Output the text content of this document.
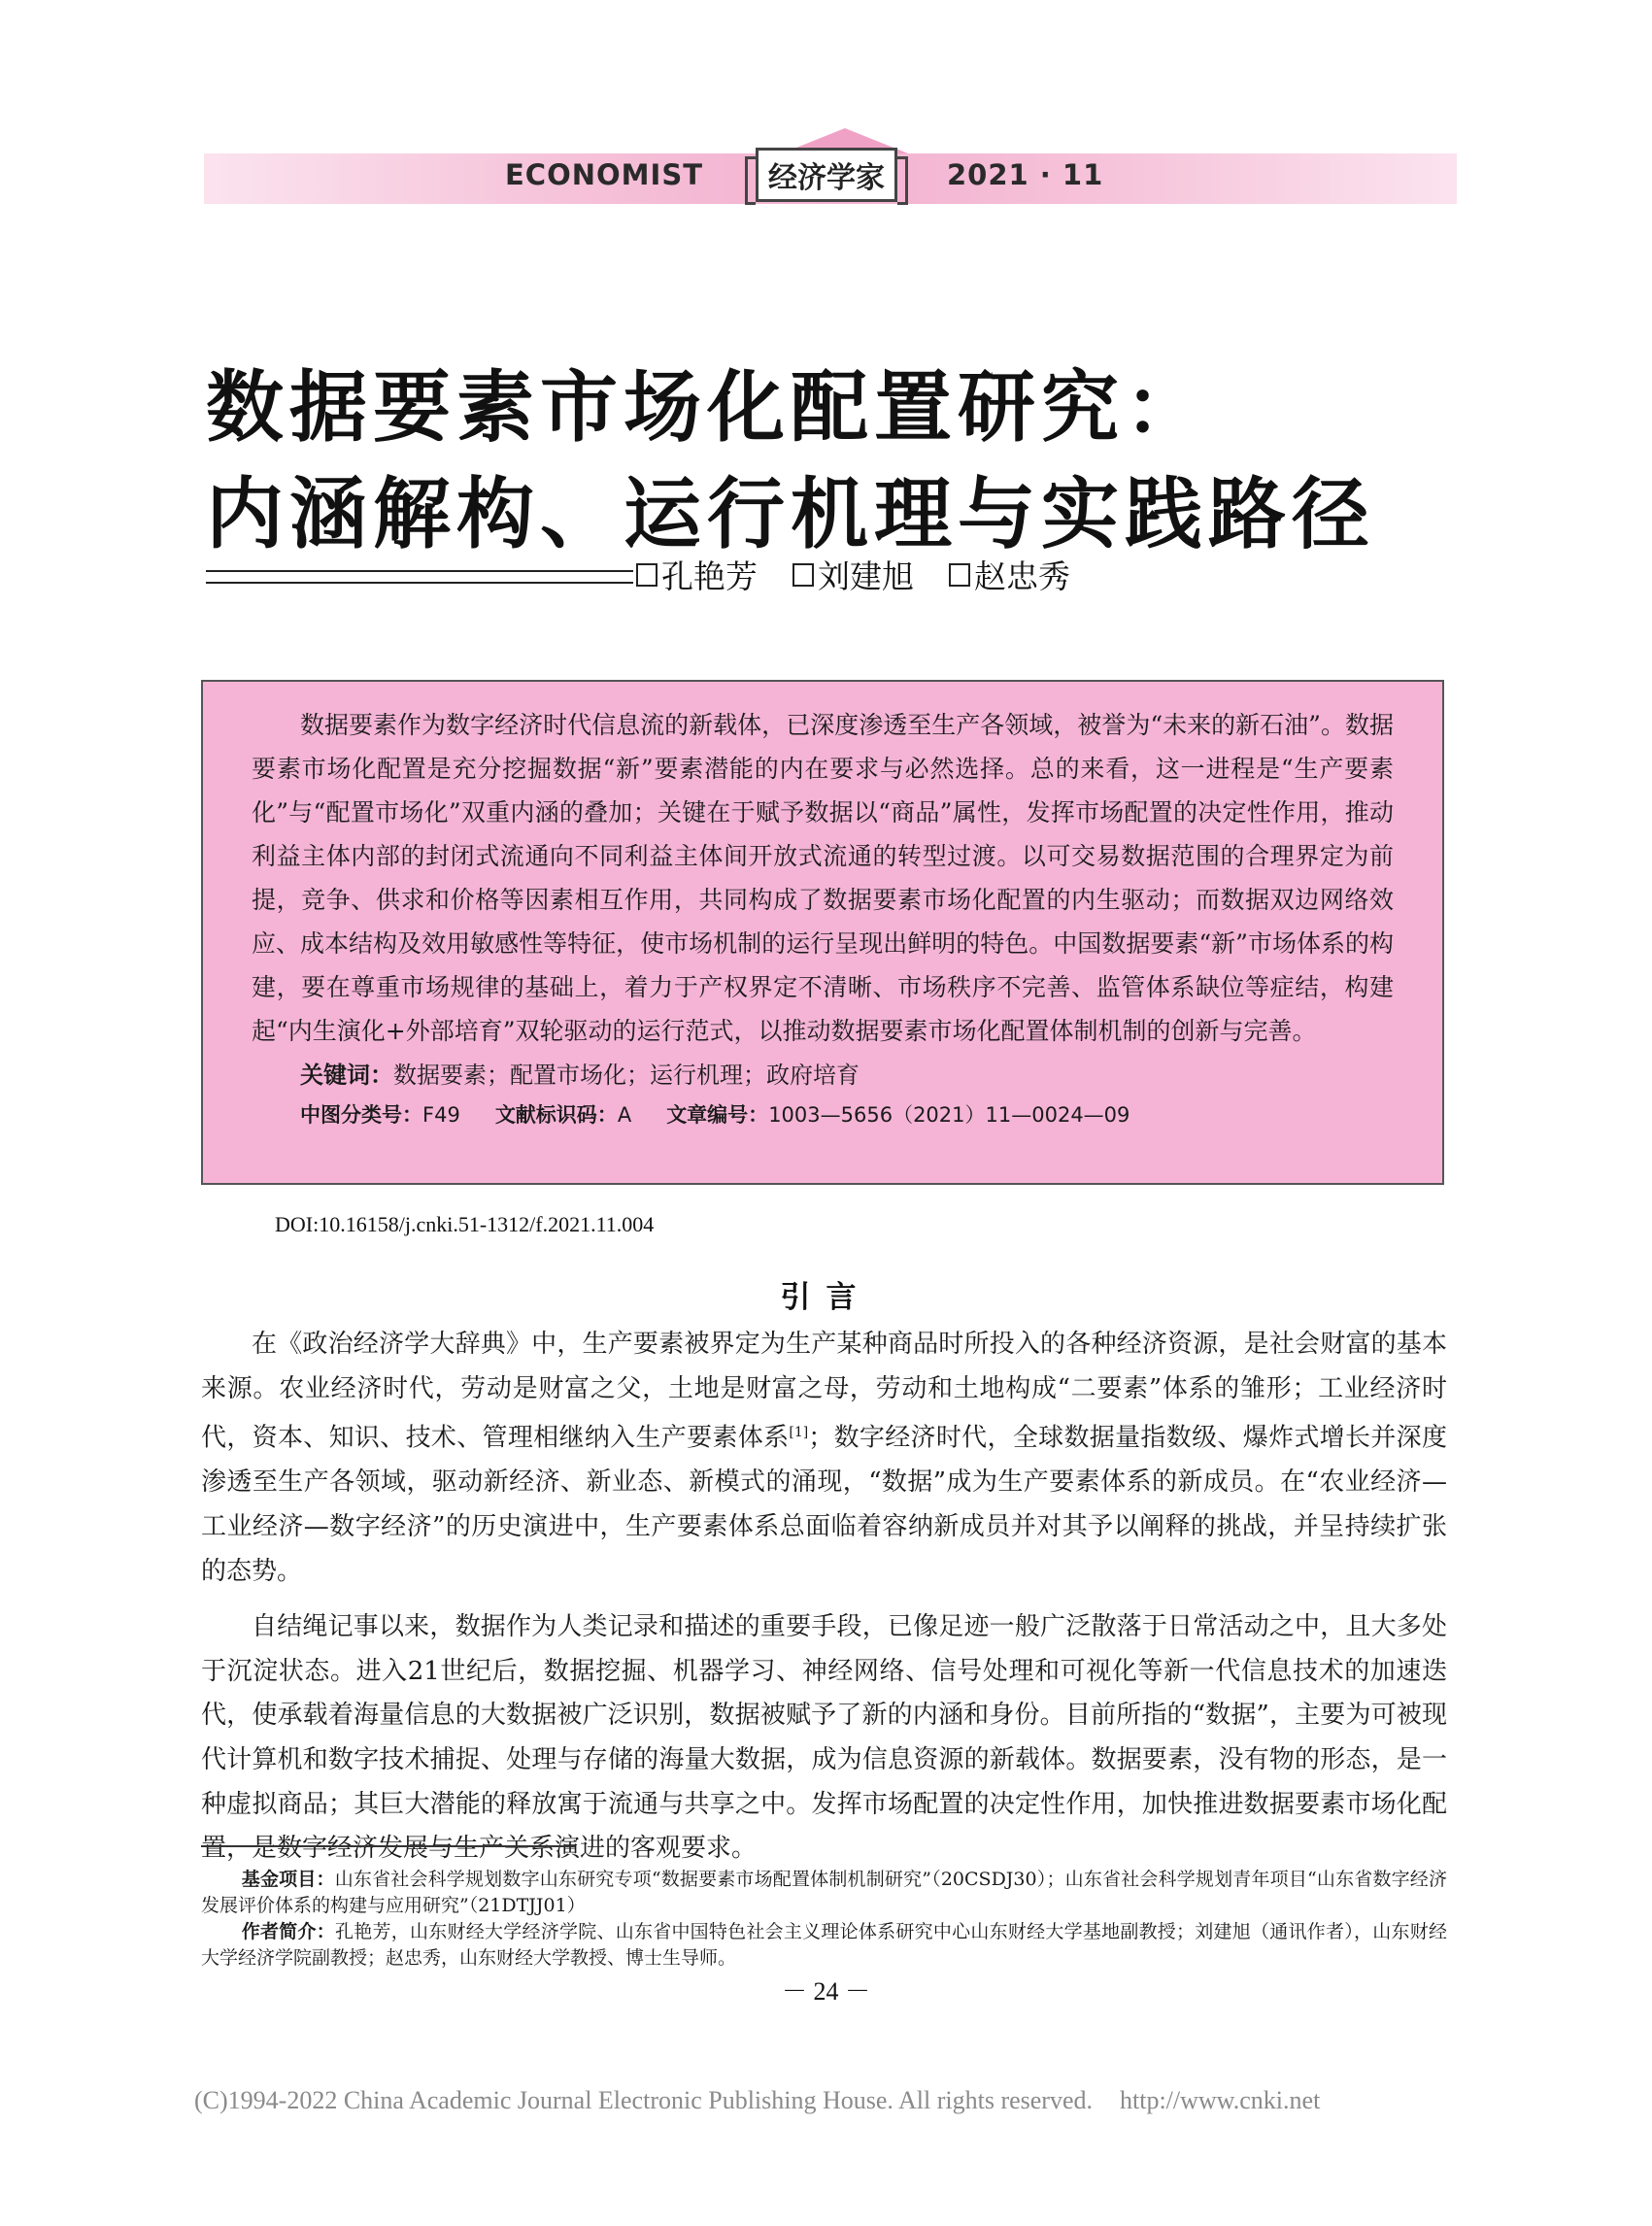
ECONOMIST	经济学家	2021 · 11
数据要素市场化配置研究：
内涵解构、运行机理与实践路径
孔艳芳 刘建旭 赵忠秀

数据要素作为数字经济时代信息流的新载体，已深度渗透至生产各领域，被誉为“未来的新石油”。数据要素市场化配置是充分挖掘数据“新”要素潜能的内在要求与必然选择。总的来看，这一进程是“生产要素化”与“配置市场化”双重内涵的叠加；关键在于赋予数据以“商品”属性，发挥市场配置的决定性作用，推动利益主体内部的封闭式流通向不同利益主体间开放式流通的转型过渡。以可交易数据范围的合理界定为前提，竞争、供求和价格等因素相互作用，共同构成了数据要素市场化配置的内生驱动；而数据双边网络效应、成本结构及效用敏感性等特征，使市场机制的运行呈现出鲜明的特色。中国数据要素“新”市场体系的构建，要在尊重市场规律的基础上，着力于产权界定不清晰、市场秩序不完善、监管体系缺位等症结，构建起“内生演化+外部培育”双轮驱动的运行范式，以推动数据要素市场化配置体制机制的创新与完善。

关键词：数据要素；配置市场化；运行机理；政府培育
中图分类号：F49 文献标识码：A 文章编号：1003—5656（2021）11—0024—09
DOI:10.16158/j.cnki.51-1312/f.2021.11.004
引言

在《政治经济学大辞典》中，生产要素被界定为生产某种商品时所投入的各种经济资源，是社会财富的基本来源。农业经济时代，劳动是财富之父，土地是财富之母，劳动和土地构成“二要素”体系的雏形；工业经济时代，资本、知识、技术、管理相继纳入生产要素体系[1]；数字经济时代，全球数据量指数级、爆炸式增长并深度渗透至生产各领域，驱动新经济、新业态、新模式的涌现，“数据”成为生产要素体系的新成员。在“农业经济—工业经济—数字经济”的历史演进中，生产要素体系总面临着容纳新成员并对其予以阐释的挑战，并呈持续扩张的态势。

自结绳记事以来，数据作为人类记录和描述的重要手段，已像足迹一般广泛散落于日常活动之中，且大多处于沉淀状态。进入21世纪后，数据挖掘、机器学习、神经网络、信号处理和可视化等新一代信息技术的加速迭代，使承载着海量信息的大数据被广泛识别，数据被赋予了新的内涵和身份。目前所指的“数据”，主要为可被现代计算机和数字技术捕捉、处理与存储的海量大数据，成为信息资源的新载体。数据要素，没有物的形态，是一种虚拟商品；其巨大潜能的释放寓于流通与共享之中。发挥市场配置的决定性作用，加快推进数据要素市场化配置，是数字经济发展与生产关系演进的客观要求。

基金项目：山东省社会科学规划数字山东研究专项“数据要素市场配置体制机制研究”（20CSDJ30）；山东省社会科学规划青年项目“山东省数字经济发展评价体系的构建与应用研究”（21DTJJ01）

作者简介：孔艳芳，山东财经大学经济学院、山东省中国特色社会主义理论体系研究中心山东财经大学基地副教授；刘建旭（通讯作者），山东财经大学经济学院副教授；赵忠秀，山东财经大学教授、博士生导师。

－ 24 －
(C)1994-2022 China Academic Journal Electronic Publishing House. All rights reserved. http://www.cnki.net
